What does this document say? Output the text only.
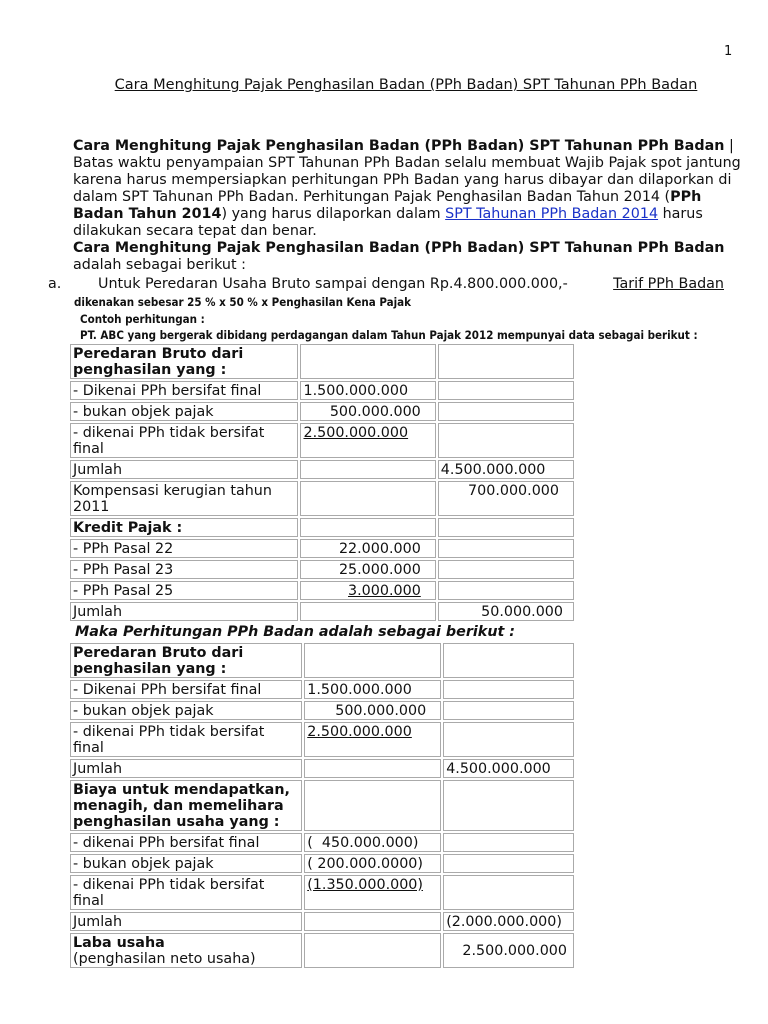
1
Cara Menghitung Pajak Penghasilan Badan (PPh Badan) SPT Tahunan PPh Badan
Cara Menghitung Pajak Penghasilan Badan (PPh Badan) SPT Tahunan PPh Badan | Batas waktu penyampaian SPT Tahunan PPh Badan selalu membuat Wajib Pajak spot jantung karena harus mempersiapkan perhitungan PPh Badan yang harus dibayar dan dilaporkan di dalam SPT Tahunan PPh Badan. Perhitungan Pajak Penghasilan Badan Tahun 2014 (PPh Badan Tahun 2014) yang harus dilaporkan dalam SPT Tahunan PPh Badan 2014 harus dilakukan secara tepat dan benar.
Cara Menghitung Pajak Penghasilan Badan (PPh Badan) SPT Tahunan PPh Badan adalah sebagai berikut :
a.	Untuk Peredaran Usaha Bruto sampai dengan Rp.4.800.000.000,-	Tarif PPh Badan
dikenakan sebesar 25 % x 50 % x Penghasilan Kena Pajak
Contoh perhitungan :
PT. ABC yang bergerak dibidang perdagangan dalam Tahun Pajak 2012 mempunyai data sebagai berikut :
Peredaran Bruto dari penghasilan yang :		
- Dikenai PPh bersifat final	1.500.000.000	
- bukan objek pajak	500.000.000	
- dikenai PPh tidak bersifat final	2.500.000.000	
Jumlah		4.500.000.000
Kompensasi kerugian tahun 2011		700.000.000
Kredit Pajak :		
- PPh Pasal 22	22.000.000	
- PPh Pasal 23	25.000.000	
- PPh Pasal 25	3.000.000	
Jumlah		50.000.000
Maka Perhitungan PPh Badan adalah sebagai berikut :
Peredaran Bruto dari penghasilan yang :		
- Dikenai PPh bersifat final	1.500.000.000	
- bukan objek pajak	500.000.000	
- dikenai PPh tidak bersifat final	2.500.000.000	
Jumlah		4.500.000.000
Biaya untuk mendapatkan, menagih, dan memelihara penghasilan usaha yang :		
- dikenai PPh bersifat final	(  450.000.000)	
- bukan objek pajak	( 200.000.0000)	
- dikenai PPh tidak bersifat final	(1.350.000.000)	
Jumlah		(2.000.000.000)

Laba usaha
(penghasilan neto usaha)		2.500.000.000
